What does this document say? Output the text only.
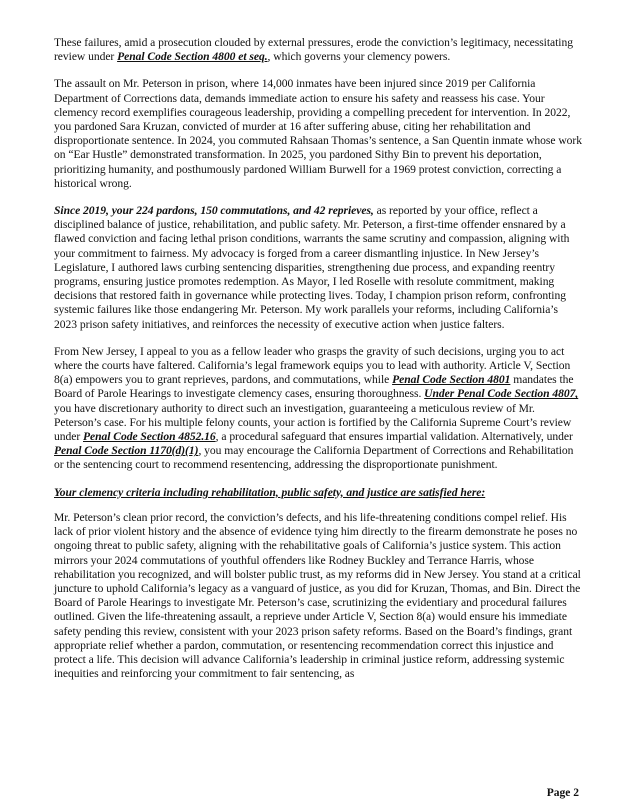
These failures, amid a prosecution clouded by external pressures, erode the conviction’s legitimacy, necessitating review under Penal Code Section 4800 et seq., which governs your clemency powers.

The assault on Mr. Peterson in prison, where 14,000 inmates have been injured since 2019 per California Department of Corrections data, demands immediate action to ensure his safety and reassess his case. Your clemency record exemplifies courageous leadership, providing a compelling precedent for intervention. In 2022, you pardoned Sara Kruzan, convicted of murder at 16 after suffering abuse, citing her rehabilitation and disproportionate sentence. In 2024, you commuted Rahsaan Thomas’s sentence, a San Quentin inmate whose work on “Ear Hustle” demonstrated transformation. In 2025, you pardoned Sithy Bin to prevent his deportation, prioritizing humanity, and posthumously pardoned William Burwell for a 1969 protest conviction, correcting a historical wrong.

Since 2019, your 224 pardons, 150 commutations, and 42 reprieves, as reported by your office, reflect a disciplined balance of justice, rehabilitation, and public safety. Mr. Peterson, a first-time offender ensnared by a flawed conviction and facing lethal prison conditions, warrants the same scrutiny and compassion, aligning with your commitment to fairness. My advocacy is forged from a career dismantling injustice. In New Jersey’s Legislature, I authored laws curbing sentencing disparities, strengthening due process, and expanding reentry programs, ensuring justice promotes redemption. As Mayor, I led Roselle with resolute commitment, making decisions that restored faith in governance while protecting lives. Today, I champion prison reform, confronting systemic failures like those endangering Mr. Peterson. My work parallels your reforms, including California’s 2023 prison safety initiatives, and reinforces the necessity of executive action when justice falters.

From New Jersey, I appeal to you as a fellow leader who grasps the gravity of such decisions, urging you to act where the courts have faltered. California’s legal framework equips you to lead with authority. Article V, Section 8(a) empowers you to grant reprieves, pardons, and commutations, while Penal Code Section 4801 mandates the Board of Parole Hearings to investigate clemency cases, ensuring thoroughness. Under Penal Code Section 4807, you have discretionary authority to direct such an investigation, guaranteeing a meticulous review of Mr. Peterson’s case. For his multiple felony counts, your action is fortified by the California Supreme Court’s review under Penal Code Section 4852.16, a procedural safeguard that ensures impartial validation. Alternatively, under Penal Code Section 1170(d)(1), you may encourage the California Department of Corrections and Rehabilitation or the sentencing court to recommend resentencing, addressing the disproportionate punishment.

Your clemency criteria including rehabilitation, public safety, and justice are satisfied here:

Mr. Peterson’s clean prior record, the conviction’s defects, and his life-threatening conditions compel relief. His lack of prior violent history and the absence of evidence tying him directly to the firearm demonstrate he poses no ongoing threat to public safety, aligning with the rehabilitative goals of California’s justice system. This action mirrors your 2024 commutations of youthful offenders like Rodney Buckley and Terrance Harris, whose rehabilitation you recognized, and will bolster public trust, as my reforms did in New Jersey. You stand at a critical juncture to uphold California’s legacy as a vanguard of justice, as you did for Kruzan, Thomas, and Bin. Direct the Board of Parole Hearings to investigate Mr. Peterson’s case, scrutinizing the evidentiary and procedural failures outlined. Given the life-threatening assault, a reprieve under Article V, Section 8(a) would ensure his immediate safety pending this review, consistent with your 2023 prison safety reforms. Based on the Board’s findings, grant appropriate relief whether a pardon, commutation, or resentencing recommendation correct this injustice and protect a life. This decision will advance California’s leadership in criminal justice reform, addressing systemic inequities and reinforcing your commitment to fair sentencing, as

Page 2
